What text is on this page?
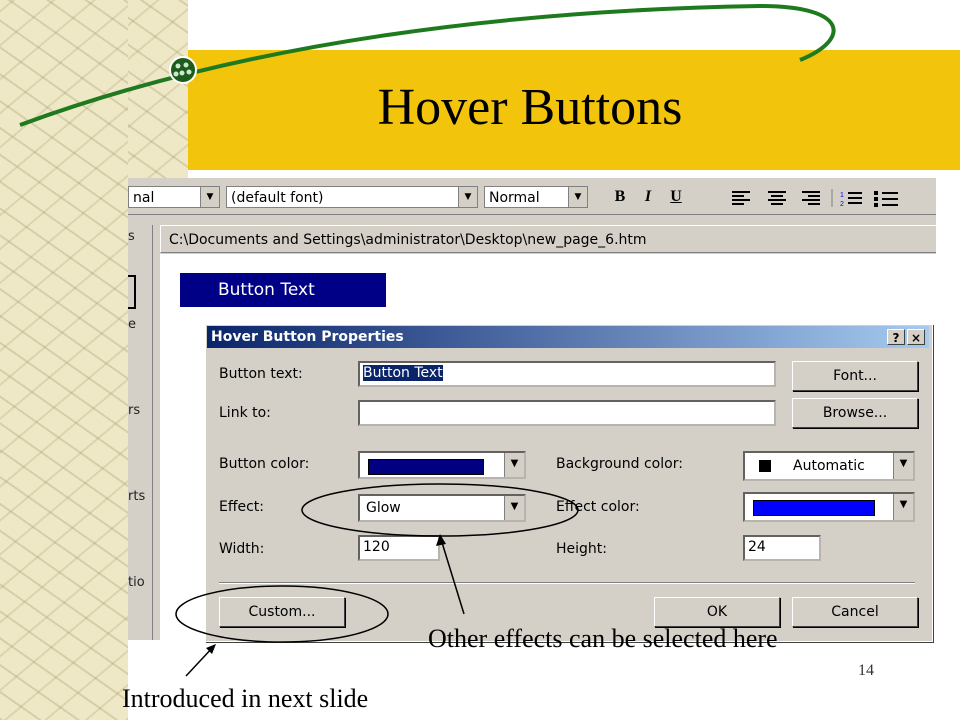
Hover Buttons
nal	▼	(default font)	▼	Normal	▼	B	I	U	1
2
s
e
rs
rts
tio
C:\Documents and Settings\administrator\Desktop\new_page_6.htm
Button Text
Hover Button Properties	? ×
Button text:	Button Text	Font...
Link to:	Browse...
Button color:	▼	Background color:	Automatic	▼
Effect:	Glow	▼	Effect color:	▼
Width:	120	Height:	24
Custom...	OK	Cancel
Other effects can be selected here
Introduced in next slide
14
